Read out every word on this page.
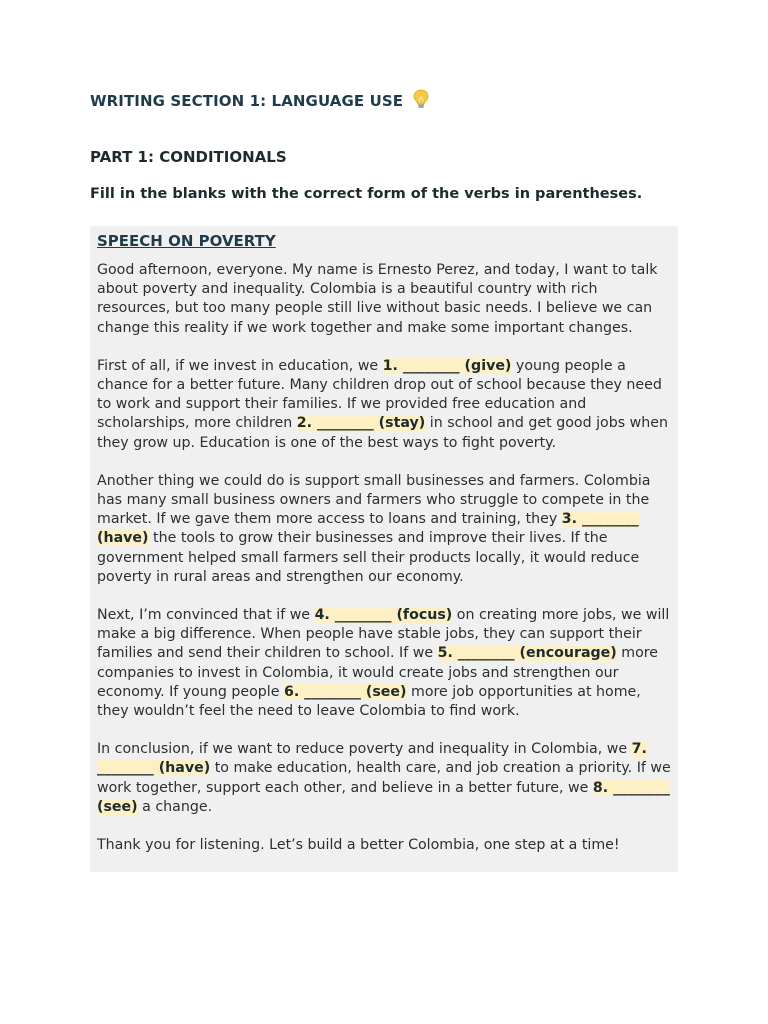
WRITING SECTION 1: LANGUAGE USE
PART 1: CONDITIONALS
Fill in the blanks with the correct form of the verbs in parentheses.
SPEECH ON POVERTY

Good afternoon, everyone. My name is Ernesto Perez, and today, I want to talk about poverty and inequality. Colombia is a beautiful country with rich resources, but too many people still live without basic needs. I believe we can change this reality if we work together and make some important changes.

First of all, if we invest in education, we 1. ________ (give) young people a chance for a better future. Many children drop out of school because they need to work and support their families. If we provided free education and scholarships, more children 2. ________ (stay) in school and get good jobs when they grow up. Education is one of the best ways to fight poverty.

Another thing we could do is support small businesses and farmers. Colombia has many small business owners and farmers who struggle to compete in the market. If we gave them more access to loans and training, they 3. ________ (have) the tools to grow their businesses and improve their lives. If the government helped small farmers sell their products locally, it would reduce poverty in rural areas and strengthen our economy.

Next, I’m convinced that if we 4. ________ (focus) on creating more jobs, we will make a big difference. When people have stable jobs, they can support their families and send their children to school. If we 5. ________ (encourage) more companies to invest in Colombia, it would create jobs and strengthen our economy. If young people 6. ________ (see) more job opportunities at home, they wouldn’t feel the need to leave Colombia to find work.

In conclusion, if we want to reduce poverty and inequality in Colombia, we 7. ________ (have) to make education, health care, and job creation a priority. If we work together, support each other, and believe in a better future, we 8. ________ (see) a change.

Thank you for listening. Let’s build a better Colombia, one step at a time!
